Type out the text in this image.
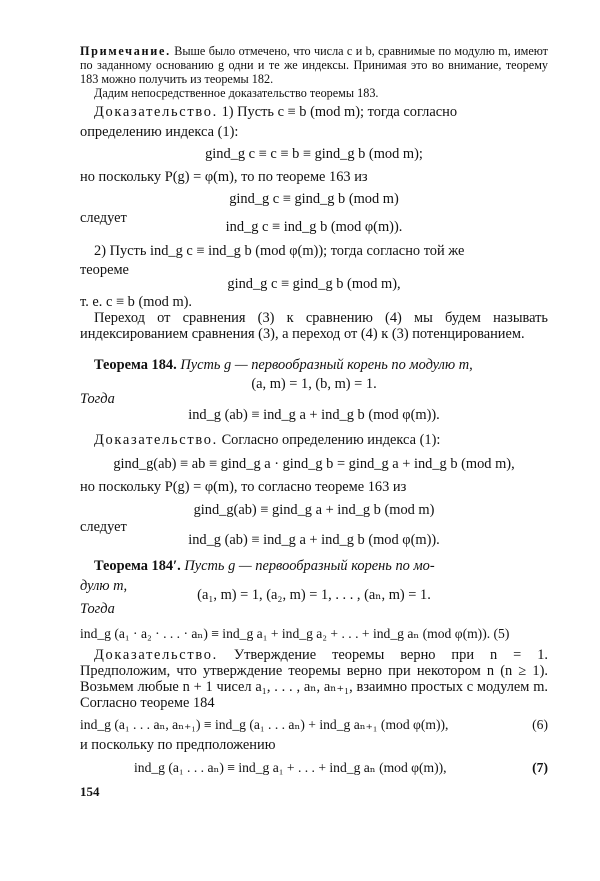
Примечание. Выше было отмечено, что числа c и b, сравнимые по модулю m, имеют по заданному основанию g одни и те же индексы. Принимая это во внимание, теорему 183 можно получить из теоремы 182.
Дадим непосредственное доказательство теоремы 183.
Доказательство. 1) Пусть c ≡ b (mod m); тогда согласно
определению индекса (1):
gind_g c ≡ c ≡ b ≡ gind_g b (mod m);
но поскольку P(g) = φ(m), то по теореме 163 из
gind_g c ≡ gind_g b (mod m)
следует
ind_g c ≡ ind_g b (mod φ(m)).
2) Пусть ind_g c ≡ ind_g b (mod φ(m)); тогда согласно той же
теореме
gind_g c ≡ gind_g b (mod m),
т. е. c ≡ b (mod m).
Переход от сравнения (3) к сравнению (4) мы будем называть индексированием сравнения (3), а переход от (4) к (3) потенцированием.
Теорема 184. Пусть g — первообразный корень по модулю m,
(a, m) = 1, (b, m) = 1.
Тогда
ind_g (ab) ≡ ind_g a + ind_g b (mod φ(m)).
Доказательство. Согласно определению индекса (1):
gind_g(ab) ≡ ab ≡ gind_g a · gind_g b = gind_g a + ind_g b (mod m),
но поскольку P(g) = φ(m), то согласно теореме 163 из
gind_g(ab) ≡ gind_g a + ind_g b (mod m)
следует
ind_g (ab) ≡ ind_g a + ind_g b (mod φ(m)).
Теорема 184′. Пусть g — первообразный корень по мо-
дулю m,
(a₁, m) = 1, (a₂, m) = 1, . . . , (aₙ, m) = 1.
Тогда
ind_g (a₁ · a₂ · . . . · aₙ) ≡ ind_g a₁ + ind_g a₂ + . . . + ind_g aₙ (mod φ(m)). (5)
Доказательство. Утверждение теоремы верно при n = 1. Предположим, что утверждение теоремы верно при некотором n (n ≥ 1). Возьмем любые n + 1 чисел a₁, . . . , aₙ, aₙ₊₁, взаимно простых с модулем m. Согласно теореме 184
ind_g (a₁ . . . aₙ, aₙ₊₁) ≡ ind_g (a₁ . . . aₙ) + ind_g aₙ₊₁ (mod φ(m)),	(6)
и поскольку по предположению
ind_g (a₁ . . . aₙ) ≡ ind_g a₁ + . . . + ind_g aₙ (mod φ(m)),	(7)
154
